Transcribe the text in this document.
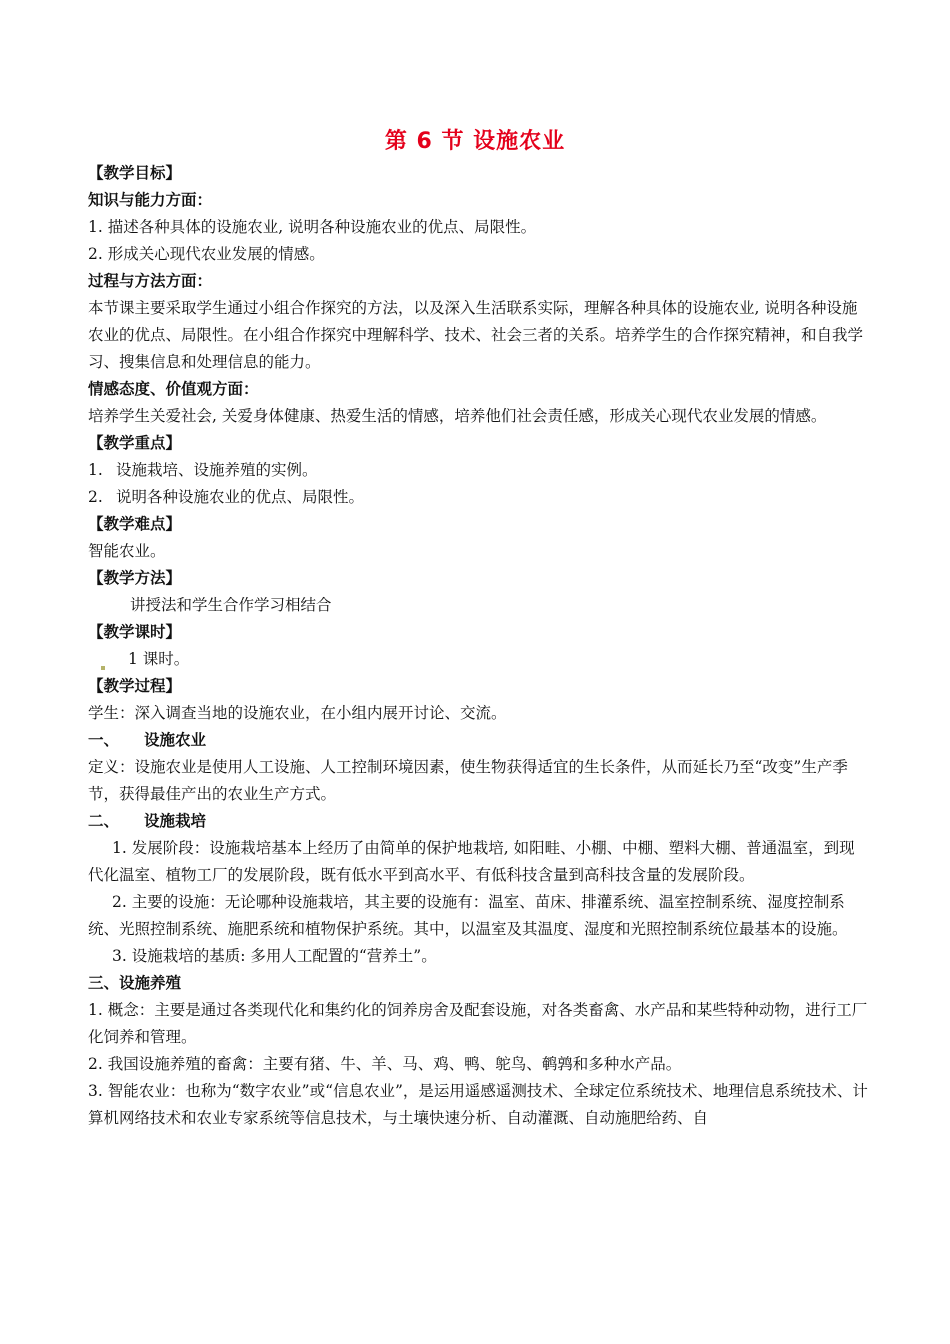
第 6 节 设施农业
【教学目标】
知识与能力方面：

1. 描述各种具体的设施农业, 说明各种设施农业的优点、局限性。

2. 形成关心现代农业发展的情感。

过程与方法方面：

本节课主要采取学生通过小组合作探究的方法，以及深入生活联系实际，理解各种具体的设施农业, 说明各种设施农业的优点、局限性。在小组合作探究中理解科学、技术、社会三者的关系。培养学生的合作探究精神，和自我学习、搜集信息和处理信息的能力。

情感态度、价值观方面：

培养学生关爱社会, 关爱身体健康、热爱生活的情感，培养他们社会责任感，形成关心现代农业发展的情感。

【教学重点】

1. 设施栽培、设施养殖的实例。

2. 说明各种设施农业的优点、局限性。

【教学难点】

智能农业。

【教学方法】

讲授法和学生合作学习相结合

【教学课时】

1 课时。

【教学过程】

学生：深入调查当地的设施农业，在小组内展开讨论、交流。

一、 设施农业

定义：设施农业是使用人工设施、人工控制环境因素，使生物获得适宜的生长条件，从而延长乃至“改变”生产季节，获得最佳产出的农业生产方式。

二、 设施栽培

1. 发展阶段：设施栽培基本上经历了由简单的保护地栽培, 如阳畦、小棚、中棚、塑料大棚、普通温室，到现代化温室、植物工厂的发展阶段，既有低水平到高水平、有低科技含量到高科技含量的发展阶段。

2. 主要的设施：无论哪种设施栽培，其主要的设施有：温室、苗床、排灌系统、温室控制系统、湿度控制系统、光照控制系统、施肥系统和植物保护系统。其中，以温室及其温度、湿度和光照控制系统位最基本的设施。

3. 设施栽培的基质: 多用人工配置的“营养土”。

三、设施养殖

1. 概念：主要是通过各类现代化和集约化的饲养房舍及配套设施，对各类畜禽、水产品和某些特种动物，进行工厂化饲养和管理。

2. 我国设施养殖的畜禽：主要有猪、牛、羊、马、鸡、鸭、鸵鸟、鹌鹑和多种水产品。

3. 智能农业：也称为“数字农业”或“信息农业”，是运用遥感遥测技术、全球定位系统技术、地理信息系统技术、计算机网络技术和农业专家系统等信息技术，与土壤快速分析、自动灌溉、自动施肥给药、自
